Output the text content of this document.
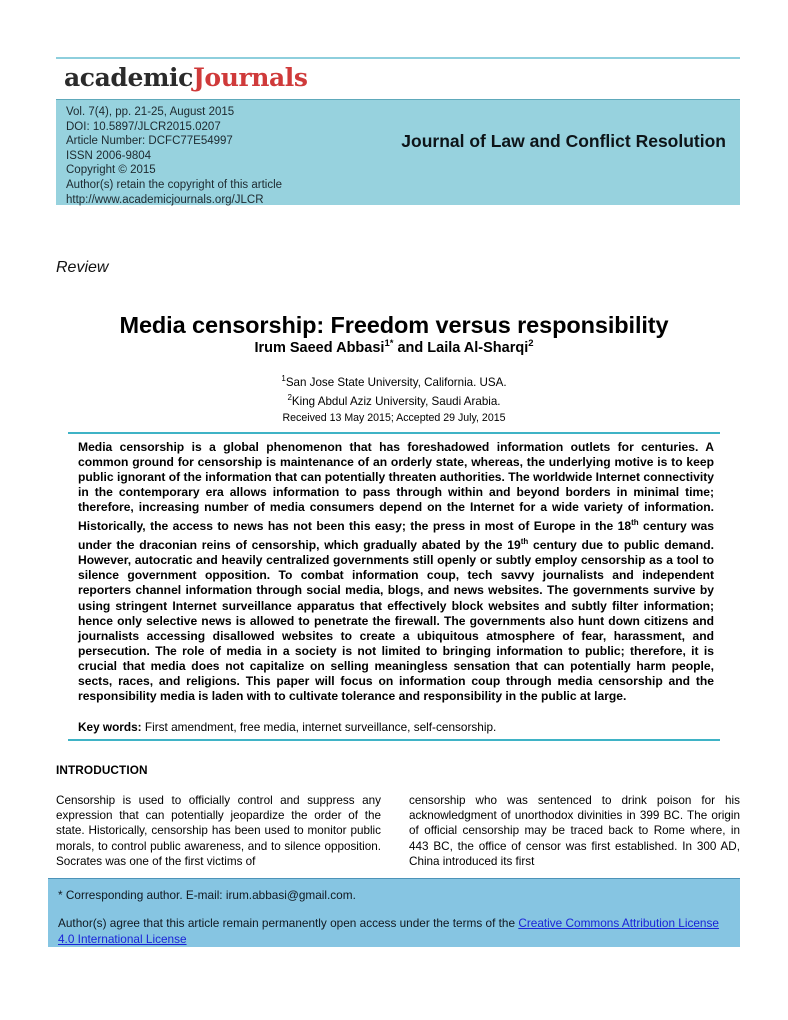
academicJournals
Vol. 7(4), pp. 21-25, August 2015
DOI: 10.5897/JLCR2015.0207
Article Number: DCFC77E54997
ISSN 2006-9804
Copyright © 2015
Author(s) retain the copyright of this article
http://www.academicjournals.org/JLCR
Journal of Law and Conflict Resolution
Review
Media censorship: Freedom versus responsibility
Irum Saeed Abbasi$^{1*}$ and Laila Al-Sharqi$^2$
$^1$San Jose State University, California. USA.
$^2$King Abdul Aziz University, Saudi Arabia.
Received 13 May 2015; Accepted 29 July, 2015
Media censorship is a global phenomenon that has foreshadowed information outlets for centuries. A common ground for censorship is maintenance of an orderly state, whereas, the underlying motive is to keep public ignorant of the information that can potentially threaten authorities. The worldwide Internet connectivity in the contemporary era allows information to pass through within and beyond borders in minimal time; therefore, increasing number of media consumers depend on the Internet for a wide variety of information. Historically, the access to news has not been this easy; the press in most of Europe in the 18th century was under the draconian reins of censorship, which gradually abated by the 19th century due to public demand. However, autocratic and heavily centralized governments still openly or subtly employ censorship as a tool to silence government opposition. To combat information coup, tech savvy journalists and independent reporters channel information through social media, blogs, and news websites. The governments survive by using stringent Internet surveillance apparatus that effectively block websites and subtly filter information; hence only selective news is allowed to penetrate the firewall. The governments also hunt down citizens and journalists accessing disallowed websites to create a ubiquitous atmosphere of fear, harassment, and persecution. The role of media in a society is not limited to bringing information to public; therefore, it is crucial that media does not capitalize on selling meaningless sensation that can potentially harm people, sects, races, and religions. This paper will focus on information coup through media censorship and the responsibility media is laden with to cultivate tolerance and responsibility in the public at large.
Key words: First amendment, free media, internet surveillance, self-censorship.
INTRODUCTION
Censorship is used to officially control and suppress any expression that can potentially jeopardize the order of the state. Historically, censorship has been used to monitor public morals, to control public awareness, and to silence opposition. Socrates was one of the first victims of
censorship who was sentenced to drink poison for his acknowledgment of unorthodox divinities in 399 BC. The origin of official censorship may be traced back to Rome where, in 443 BC, the office of censor was first established. In 300 AD, China introduced its first
* Corresponding author. E-mail: irum.abbasi@gmail.com.
Author(s) agree that this article remain permanently open access under the terms of the Creative Commons Attribution License 4.0 International License
